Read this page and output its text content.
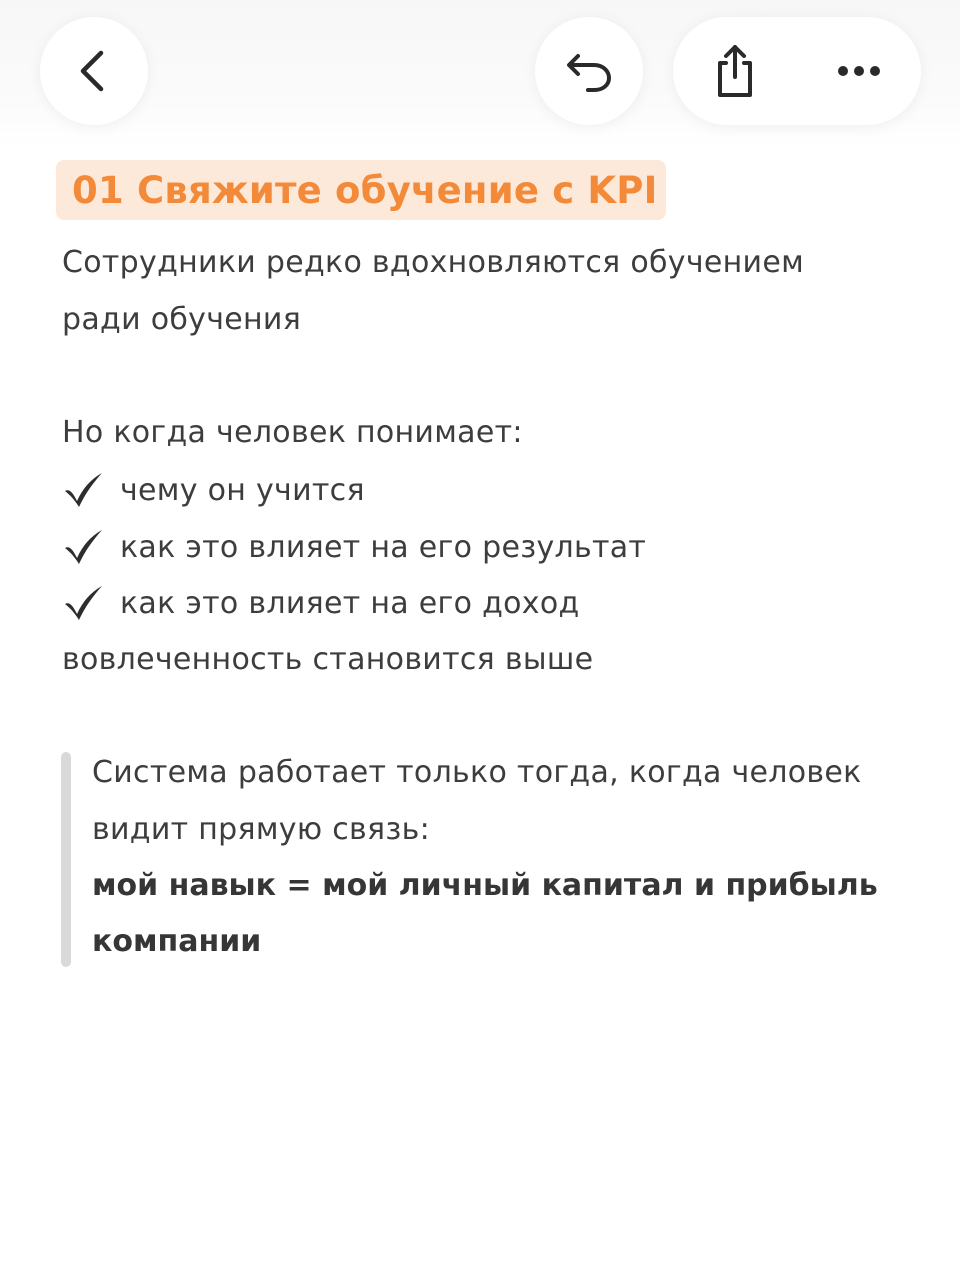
01 Свяжите обучение с KPI
Сотрудники редко вдохновляются обучением
ради обучения
Но когда человек понимает:
чему он учится
как это влияет на его результат
как это влияет на его доход
вовлеченность становится выше
Система работает только тогда, когда человек
видит прямую связь:
мой навык = мой личный капитал и прибыль
компании
